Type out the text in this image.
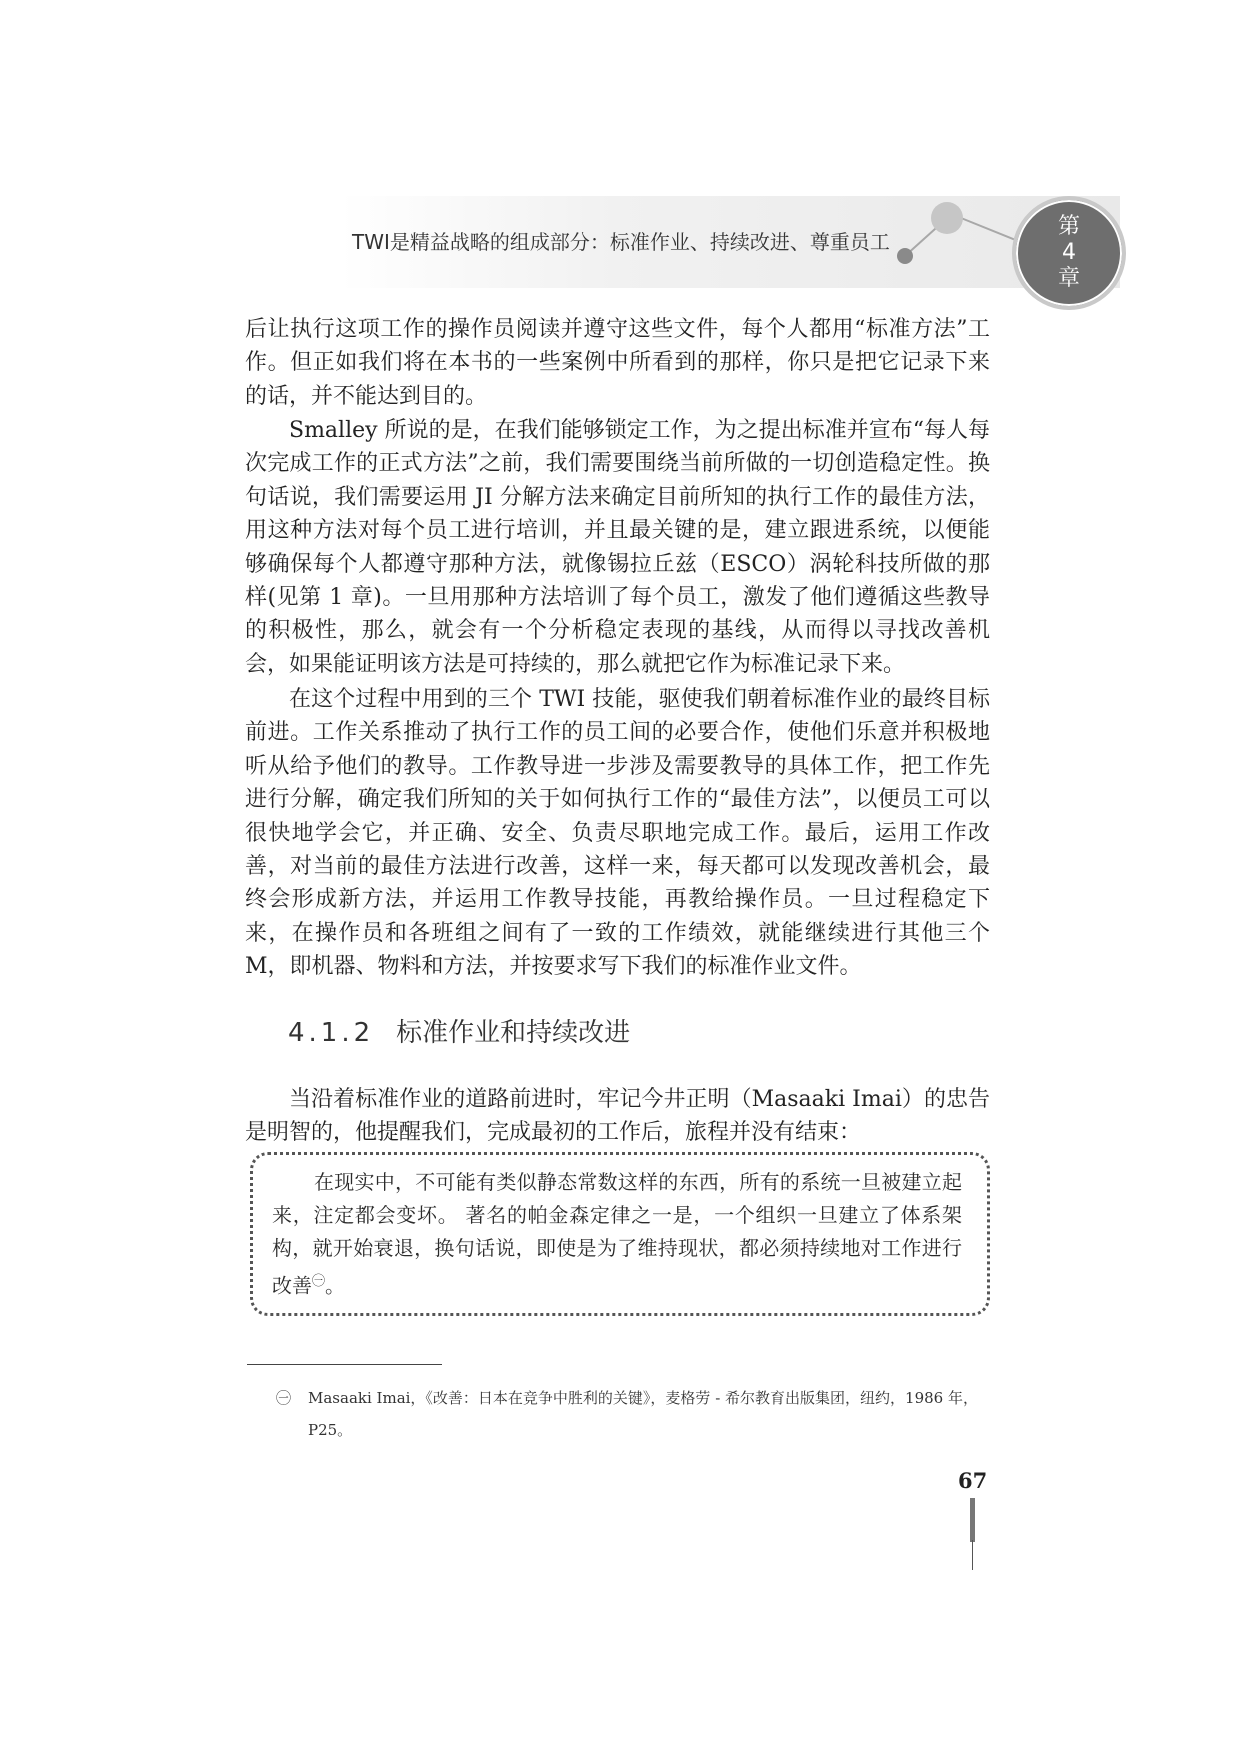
TWI是精益战略的组成部分：标准作业、持续改进、尊重员工
第
4
章

后让执行这项工作的操作员阅读并遵守这些文件，每个人都用“标准方法”工作。但正如我们将在本书的一些案例中所看到的那样，你只是把它记录下来的话，并不能达到目的。

Smalley 所说的是，在我们能够锁定工作，为之提出标准并宣布“每人每次完成工作的正式方法”之前，我们需要围绕当前所做的一切创造稳定性。换句话说，我们需要运用 JI 分解方法来确定目前所知的执行工作的最佳方法，用这种方法对每个员工进行培训，并且最关键的是，建立跟进系统，以便能够确保每个人都遵守那种方法，就像锡拉丘兹（ESCO）涡轮科技所做的那样(见第 1 章)。一旦用那种方法培训了每个员工，激发了他们遵循这些教导的积极性，那么，就会有一个分析稳定表现的基线，从而得以寻找改善机会，如果能证明该方法是可持续的，那么就把它作为标准记录下来。

在这个过程中用到的三个 TWI 技能，驱使我们朝着标准作业的最终目标前进。工作关系推动了执行工作的员工间的必要合作，使他们乐意并积极地听从给予他们的教导。工作教导进一步涉及需要教导的具体工作，把工作先进行分解，确定我们所知的关于如何执行工作的“最佳方法”，以便员工可以很快地学会它，并正确、安全、负责尽职地完成工作。最后，运用工作改善，对当前的最佳方法进行改善，这样一来，每天都可以发现改善机会，最终会形成新方法，并运用工作教导技能，再教给操作员。一旦过程稳定下来，在操作员和各班组之间有了一致的工作绩效，就能继续进行其他三个 M，即机器、物料和方法，并按要求写下我们的标准作业文件。

4.1.2 标准作业和持续改进

当沿着标准作业的道路前进时，牢记今井正明（Masaaki Imai）的忠告是明智的，他提醒我们，完成最初的工作后，旅程并没有结束：

在现实中，不可能有类似静态常数这样的东西，所有的系统一旦被建立起来，注定都会变坏。 著名的帕金森定律之一是，一个组织一旦建立了体系架构，就开始衰退，换句话说，即使是为了维持现状，都必须持续地对工作进行改善$^㊀$。

㊀	Masaaki Imai，《改善：日本在竞争中胜利的关键》，麦格劳 - 希尔教育出版集团，纽约，1986 年，P25。
67
